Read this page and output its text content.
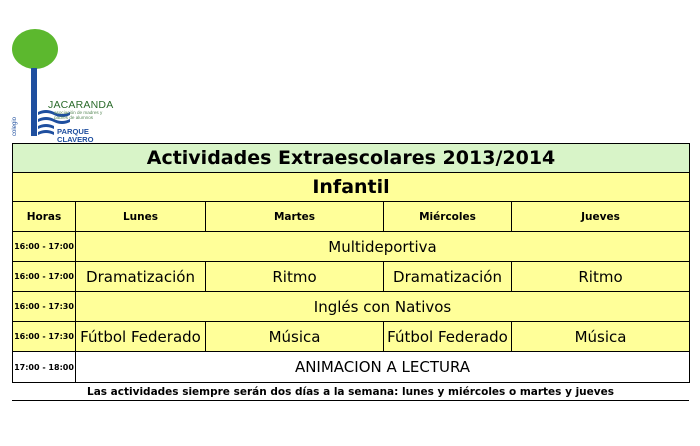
JACARANDA
asociación de madres y padres de alumnos
PARQUE
CLAVERO
colegio
Actividades Extraescolares 2013/2014				
Infantil				
Horas	Lunes	Martes	Miércoles	Jueves
16:00 - 17:00	Multideportiva			
16:00 - 17:00	Dramatización	Ritmo	Dramatización	Ritmo
16:00 - 17:30	Inglés con Nativos			
16:00 - 17:30	Fútbol Federado	Música	Fútbol Federado	Música
17:00 - 18:00	ANIMACION A LECTURA			
Las actividades siempre serán dos días a la semana: lunes y miércoles o martes y jueves
